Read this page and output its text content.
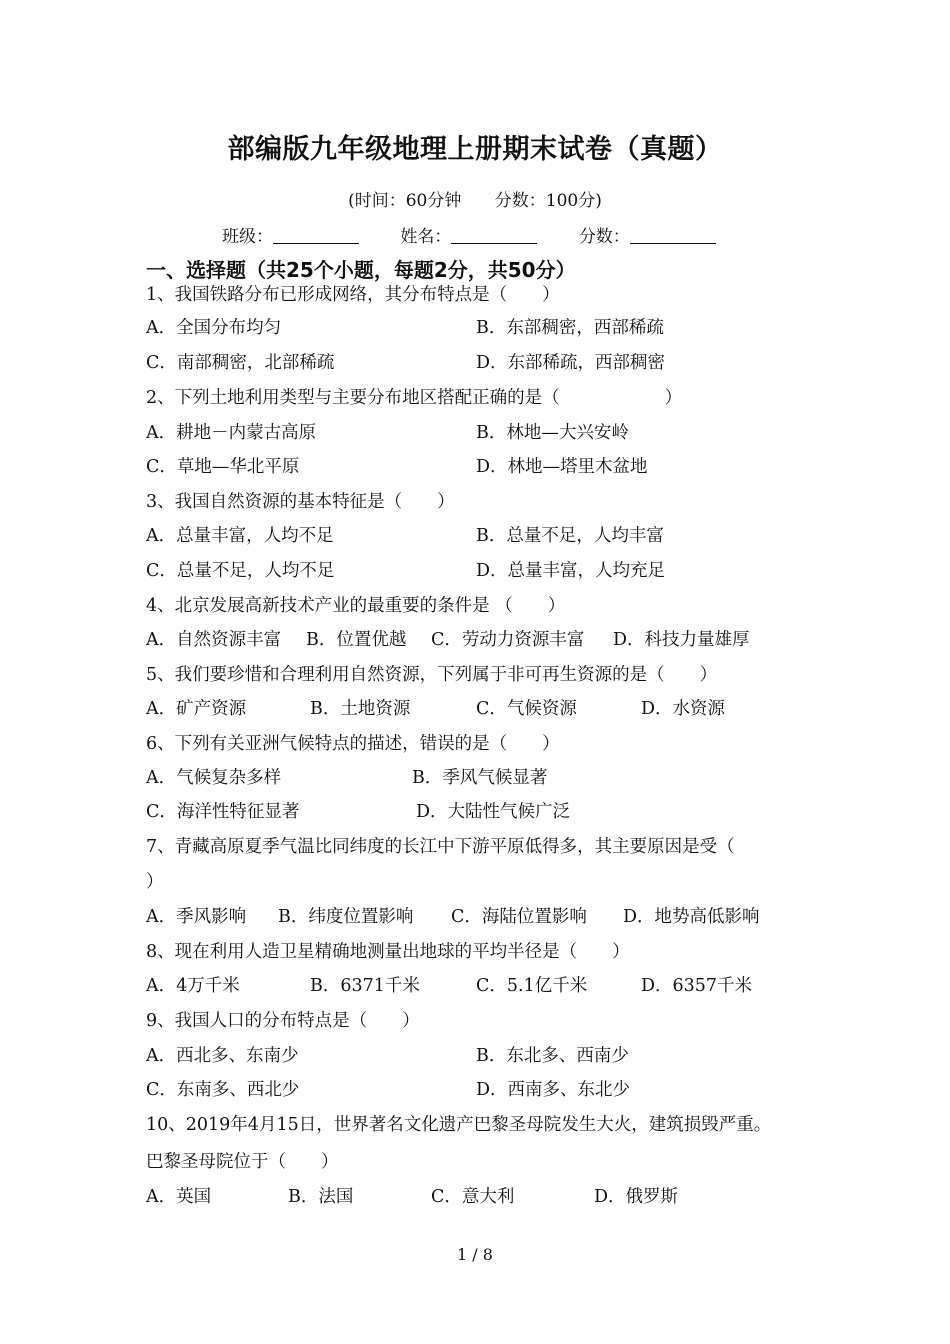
部编版九年级地理上册期末试卷（真题）
(时间：60分钟 分数：100分)
班级：	姓名：	分数：
一、选择题（共25个小题，每题2分，共50分）
1、我国铁路分布已形成网络，其分布特点是（　　）
A．全国分布均匀	B．东部稠密，西部稀疏
C．南部稠密，北部稀疏	D．东部稀疏，西部稠密
2、下列土地利用类型与主要分布地区搭配正确的是（　　　　　　）
A．耕地－内蒙古高原	B．林地—大兴安岭
C．草地—华北平原	D．林地—塔里木盆地
3、我国自然资源的基本特征是（　　）
A．总量丰富，人均不足	B．总量不足，人均丰富
C．总量不足，人均不足	D．总量丰富，人均充足
4、北京发展高新技术产业的最重要的条件是 （　　）
A．自然资源丰富 B．位置优越 C．劳动力资源丰富 D．科技力量雄厚
5、我们要珍惜和合理利用自然资源，下列属于非可再生资源的是（　　）
A．矿产资源	B．土地资源	C．气候资源	D．水资源
6、下列有关亚洲气候特点的描述，错误的是（　　）
A．气候复杂多样	B．季风气候显著
C．海洋性特征显著	D．大陆性气候广泛
7、青藏高原夏季气温比同纬度的长江中下游平原低得多，其主要原因是受（
）
A．季风影响 B．纬度位置影响 C．海陆位置影响 D．地势高低影响
8、现在利用人造卫星精确地测量出地球的平均半径是（　　）
A．4万千米	B．6371千米	C．5.1亿千米	D．6357千米
9、我国人口的分布特点是（　　）
A．西北多、东南少	B．东北多、西南少
C．东南多、西北少	D．西南多、东北少
10、2019年4月15日，世界著名文化遗产巴黎圣母院发生大火，建筑损毁严重。
巴黎圣母院位于（　　）
A．英国	B．法国	C．意大利	D．俄罗斯
1 / 8
